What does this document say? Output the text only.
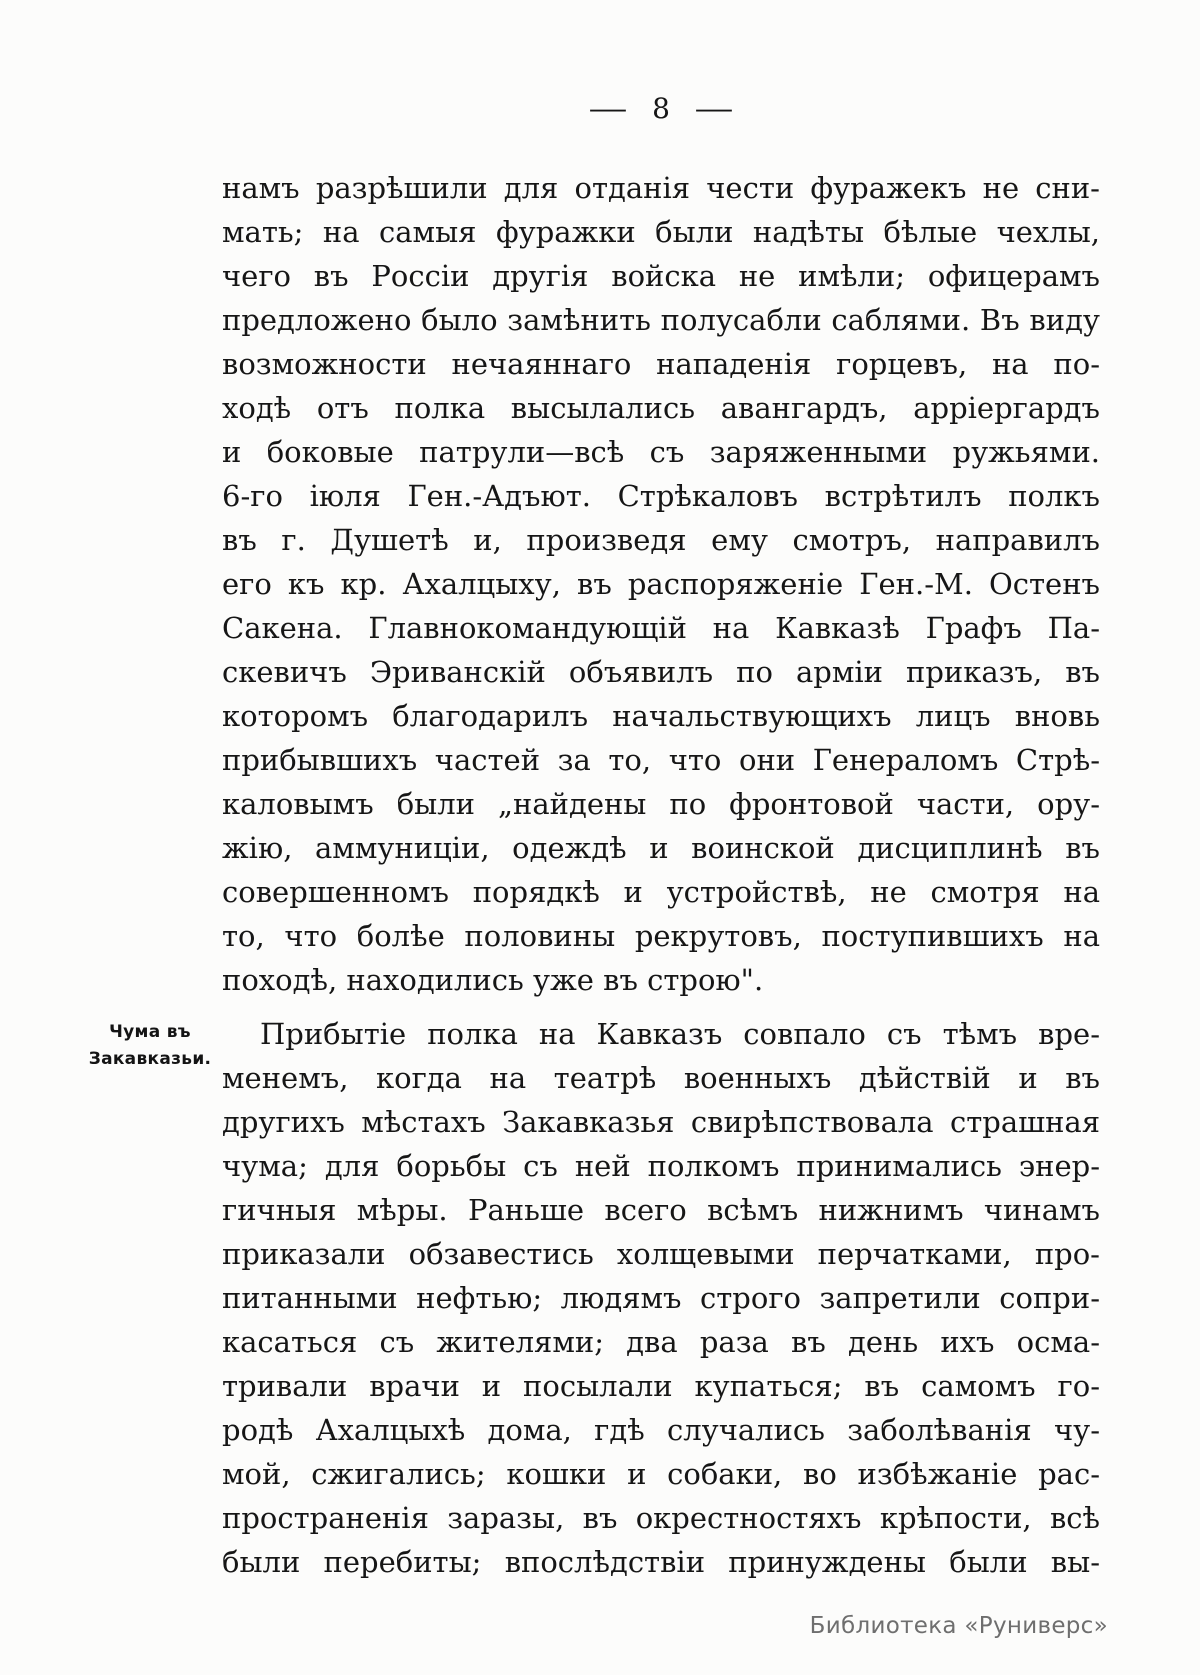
— 8 —
Чума въ
Закавказьи.
намъ разрѣшили для отданія чести фуражекъ не сни-
мать; на самыя фуражки были надѣты бѣлые чехлы,
чего въ Россіи другія войска не имѣли; офицерамъ
предложено было замѣнить полусабли саблями. Въ виду
возможности нечаяннаго нападенія горцевъ, на по-
ходѣ отъ полка высылались авангардъ, арріергардъ
и боковые патрули—всѣ съ заряженными ружьями.
6-го іюля Ген.-Адъют. Стрѣкаловъ встрѣтилъ полкъ
въ г. Душетѣ и, произведя ему смотръ, направилъ
его къ кр. Ахалцыху, въ распоряженіе Ген.-М. Остенъ
Сакена. Главнокомандующій на Кавказѣ Графъ Па-
скевичъ Эриванскій объявилъ по арміи приказъ, въ
которомъ благодарилъ начальствующихъ лицъ вновь
прибывшихъ частей за то, что они Генераломъ Стрѣ-
каловымъ были „найдены по фронтовой части, ору-
жію, аммуниціи, одеждѣ и воинской дисциплинѣ въ
совершенномъ порядкѣ и устройствѣ, не смотря на
то, что болѣе половины рекрутовъ, поступившихъ на
походѣ, находились уже въ строю".
Прибытіе полка на Кавказъ совпало съ тѣмъ вре-
менемъ, когда на театрѣ военныхъ дѣйствій и въ
другихъ мѣстахъ Закавказья свирѣпствовала страшная
чума; для борьбы съ ней полкомъ принимались энер-
гичныя мѣры. Раньше всего всѣмъ нижнимъ чинамъ
приказали обзавестись холщевыми перчатками, про-
питанными нефтью; людямъ строго запретили сопри-
касаться съ жителями; два раза въ день ихъ осма-
тривали врачи и посылали купаться; въ самомъ го-
родѣ Ахалцыхѣ дома, гдѣ случались заболѣванія чу-
мой, сжигались; кошки и собаки, во избѣжаніе рас-
пространенія заразы, въ окрестностяхъ крѣпости, всѣ
были перебиты; впослѣдствіи принуждены были вы-
Библиотека «Руниверс»
